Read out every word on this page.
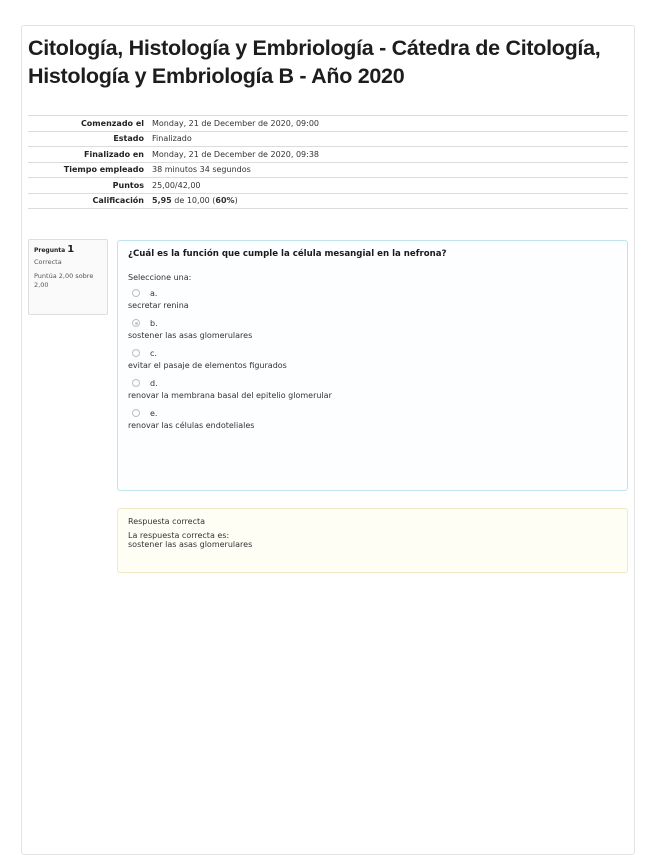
Citología, Histología y Embriología - Cátedra de Citología, Histología y Embriología B - Año 2020
Comenzado el	Monday, 21 de December de 2020, 09:00
Estado	Finalizado
Finalizado en	Monday, 21 de December de 2020, 09:38
Tiempo empleado	38 minutos 34 segundos
Puntos	25,00/42,00
Calificación	5,95 de 10,00 (60%)
Pregunta 1
Correcta
Puntúa 2,00 sobre 2,00
¿Cuál es la función que cumple la célula mesangial en la nefrona?
Seleccione una:
a.
secretar renina
b.
sostener las asas glomerulares
c.
evitar el pasaje de elementos figurados
d.
renovar la membrana basal del epitelio glomerular
e.
renovar las células endoteliales
Respuesta correcta
La respuesta correcta es:
sostener las asas glomerulares
